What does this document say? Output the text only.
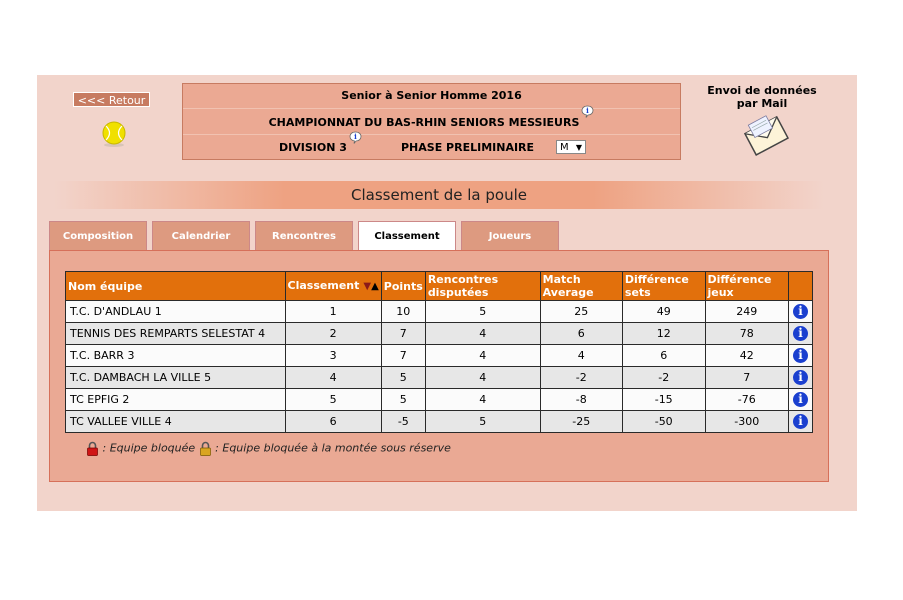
<<< Retour	Senior à Senior Homme 2016
CHAMPIONNAT DU BAS-RHIN SENIORS MESSIEURS
i
DIVISION 3
i
PHASE PRELIMINAIRE	M ▼
Envoi de données
par Mail
Classement de la poule
Composition	Calendrier	Rencontres	Classement	Joueurs
Nom équipe	Classement ▼▲	Points	Rencontres disputées	Match Average	Différence sets	Différence jeux	
T.C. D'ANDLAU 1	1	10	5	25	49	249	i
TENNIS DES REMPARTS SELESTAT 4	2	7	4	6	12	78	i
T.C. BARR 3	3	7	4	4	6	42	i
T.C. DAMBACH LA VILLE 5	4	5	4	-2	-2	7	i
TC EPFIG 2	5	5	4	-8	-15	-76	i
TC VALLEE VILLE 4	6	-5	5	-25	-50	-300	i
: Equipe bloquée : Equipe bloquée à la montée sous réserve
